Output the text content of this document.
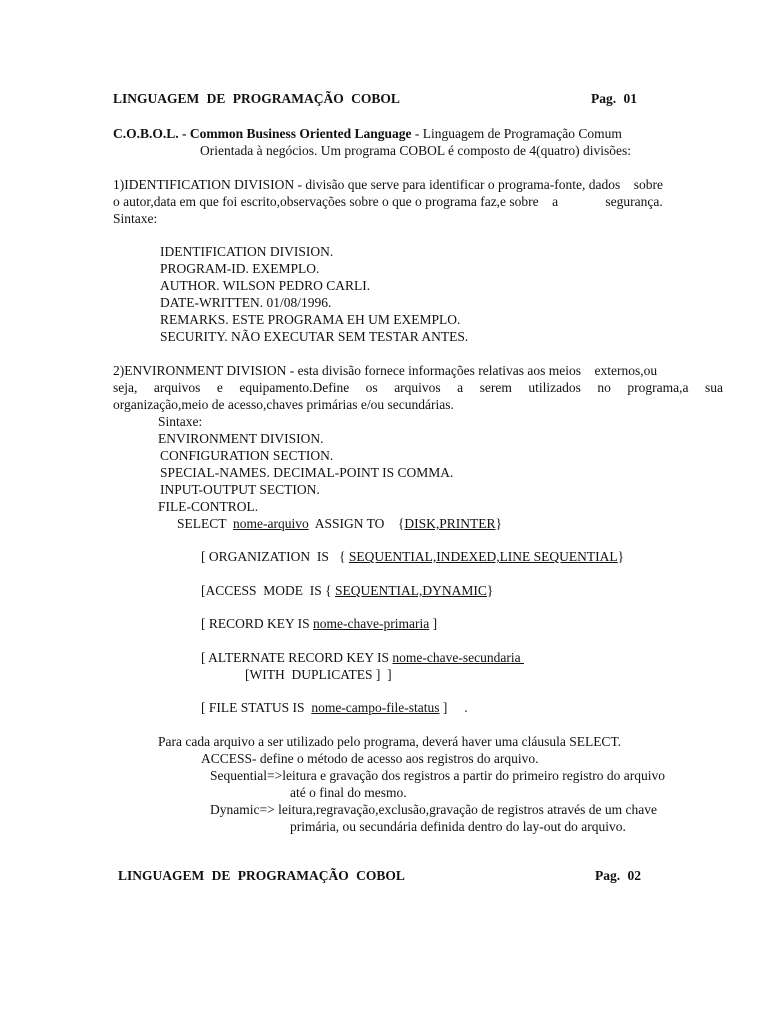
LINGUAGEM DE PROGRAMAÇÃO COBOL	Pag. 01
C.O.B.O.L. - Common Business Oriented Language - Linguagem de Programação Comum
Orientada à negócios. Um programa COBOL é composto de 4(quatro) divisões:
1)IDENTIFICATION DIVISION - divisão que serve para identificar o programa-fonte, dados    sobre
o autor,data em que foi escrito,observações sobre o que o programa faz,e sobre    a              segurança.
Sintaxe:
IDENTIFICATION DIVISION.
PROGRAM-ID. EXEMPLO.
AUTHOR. WILSON PEDRO CARLI.
DATE-WRITTEN. 01/08/1996.
REMARKS. ESTE PROGRAMA EH UM EXEMPLO.
SECURITY. NÃO EXECUTAR SEM TESTAR ANTES.
2)ENVIRONMENT DIVISION - esta divisão fornece informações relativas aos meios    externos,ou
seja, arquivos e equipamento.Define os arquivos a serem utilizados no programa,a sua
organização,meio de acesso,chaves primárias e/ou secundárias.
Sintaxe:
ENVIRONMENT DIVISION.
CONFIGURATION SECTION.
SPECIAL-NAMES. DECIMAL-POINT IS COMMA.
INPUT-OUTPUT SECTION.
FILE-CONTROL.
SELECT  nome-arquivo  ASSIGN TO    {DISK,PRINTER}
[ ORGANIZATION  IS   { SEQUENTIAL,INDEXED,LINE SEQUENTIAL}
[ACCESS  MODE  IS { SEQUENTIAL,DYNAMIC}
[ RECORD KEY IS nome-chave-primaria ]
[ ALTERNATE RECORD KEY IS nome-chave-secundaria
[WITH  DUPLICATES ]  ]
[ FILE STATUS IS  nome-campo-file-status ]     .
Para cada arquivo a ser utilizado pelo programa, deverá haver uma cláusula SELECT.
ACCESS- define o método de acesso aos registros do arquivo.
Sequential=>leitura e gravação dos registros a partir do primeiro registro do arquivo
até o final do mesmo.
Dynamic=> leitura,regravação,exclusão,gravação de registros através de um chave
primária, ou secundária definida dentro do lay-out do arquivo.
LINGUAGEM DE PROGRAMAÇÃO COBOL	Pag. 02
